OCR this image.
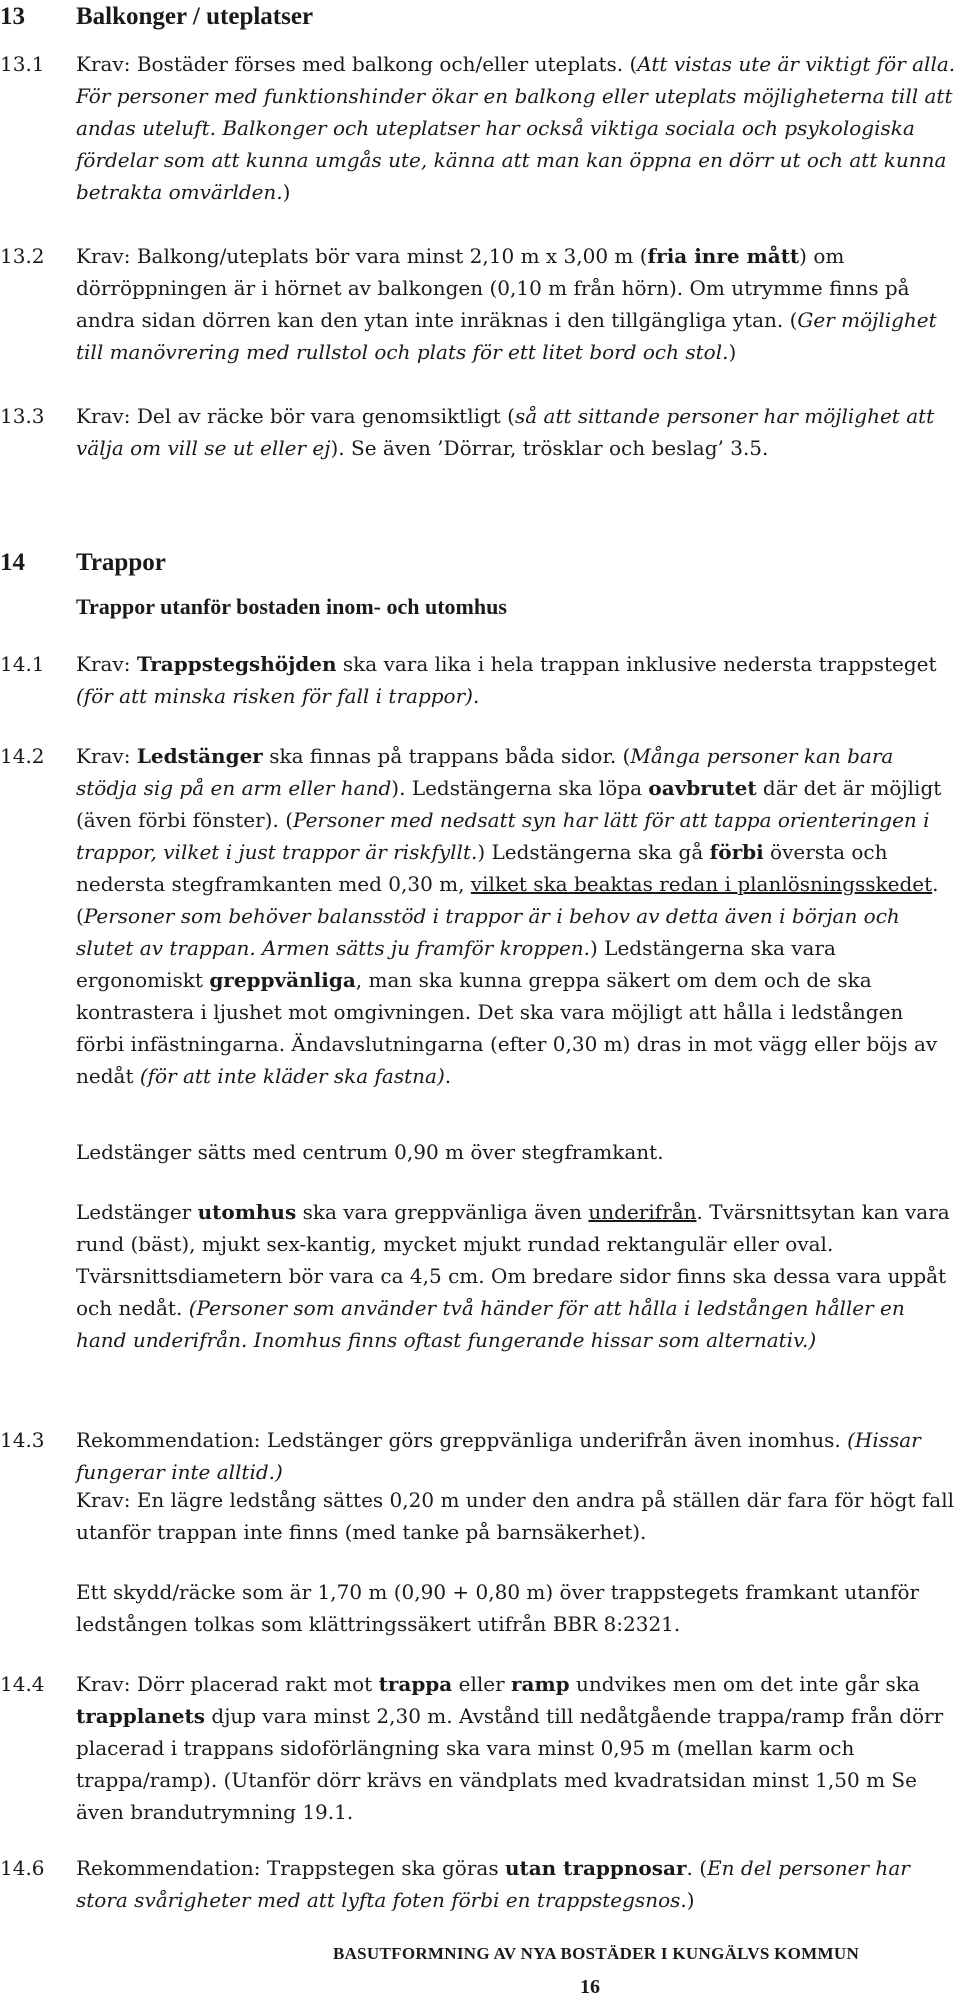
13 Balkonger / uteplatser
13.1 Krav: Bostäder förses med balkong och/eller uteplats. (Att vistas ute är viktigt för alla. För personer med funktionshinder ökar en balkong eller uteplats möjligheterna till att andas uteluft. Balkonger och uteplatser har också viktiga sociala och psykologiska fördelar som att kunna umgås ute, känna att man kan öppna en dörr ut och att kunna betrakta omvärlden.)
13.2 Krav: Balkong/uteplats bör vara minst 2,10 m x 3,00 m (fria inre mått) om dörröppningen är i hörnet av balkongen (0,10 m från hörn). Om utrymme finns på andra sidan dörren kan den ytan inte inräknas i den tillgängliga ytan. (Ger möjlighet till manövrering med rullstol och plats för ett litet bord och stol.)
13.3 Krav: Del av räcke bör vara genomsiktligt (så att sittande personer har möjlighet att välja om vill se ut eller ej). Se även ’Dörrar, trösklar och beslag’ 3.5.
14 Trappor
Trappor utanför bostaden inom- och utomhus
14.1 Krav: Trappstegshöjden ska vara lika i hela trappan inklusive nedersta trappsteget (för att minska risken för fall i trappor).
14.2 Krav: Ledstänger ska finnas på trappans båda sidor. (Många personer kan bara stödja sig på en arm eller hand). Ledstängerna ska löpa oavbrutet där det är möjligt (även förbi fönster). (Personer med nedsatt syn har lätt för att tappa orienteringen i trappor, vilket i just trappor är riskfyllt.) Ledstängerna ska gå förbi översta och nedersta stegframkanten med 0,30 m, vilket ska beaktas redan i planlösningsskedet. (Personer som behöver balansstöd i trappor är i behov av detta även i början och slutet av trappan. Armen sätts ju framför kroppen.) Ledstängerna ska vara ergonomiskt greppvänliga, man ska kunna greppa säkert om dem och de ska kontrastera i ljushet mot omgivningen. Det ska vara möjligt att hålla i ledstången förbi infästningarna. Ändavslutningarna (efter 0,30 m) dras in mot vägg eller böjs av nedåt (för att inte kläder ska fastna).
Ledstänger sätts med centrum 0,90 m över stegframkant.
Ledstänger utomhus ska vara greppvänliga även underifrån. Tvärsnittsytan kan vara rund (bäst), mjukt sex-kantig, mycket mjukt rundad rektangulär eller oval. Tvärsnittsdiametern bör vara ca 4,5 cm. Om bredare sidor finns ska dessa vara uppåt och nedåt. (Personer som använder två händer för att hålla i ledstången håller en hand underifrån. Inomhus finns oftast fungerande hissar som alternativ.)
14.3 Rekommendation: Ledstänger görs greppvänliga underifrån även inomhus. (Hissar fungerar inte alltid.)
Krav: En lägre ledstång sättes 0,20 m under den andra på ställen där fara för högt fall utanför trappan inte finns (med tanke på barnsäkerhet).
Ett skydd/räcke som är 1,70 m (0,90 + 0,80 m) över trappstegets framkant utanför ledstången tolkas som klättringssäkert utifrån BBR 8:2321.
14.4 Krav: Dörr placerad rakt mot trappa eller ramp undvikes men om det inte går ska trapplanets djup vara minst 2,30 m. Avstånd till nedåtgående trappa/ramp från dörr placerad i trappans sidoförlängning ska vara minst 0,95 m (mellan karm och trappa/ramp). (Utanför dörr krävs en vändplats med kvadratsidan minst 1,50 m Se även brandutrymning 19.1.
14.6 Rekommendation: Trappstegen ska göras utan trappnosar. (En del personer har stora svårigheter med att lyfta foten förbi en trappstegsnos.)
BASUTFORMNING AV NYA BOSTÄDER I KUNGÄLVS KOMMUN
16
